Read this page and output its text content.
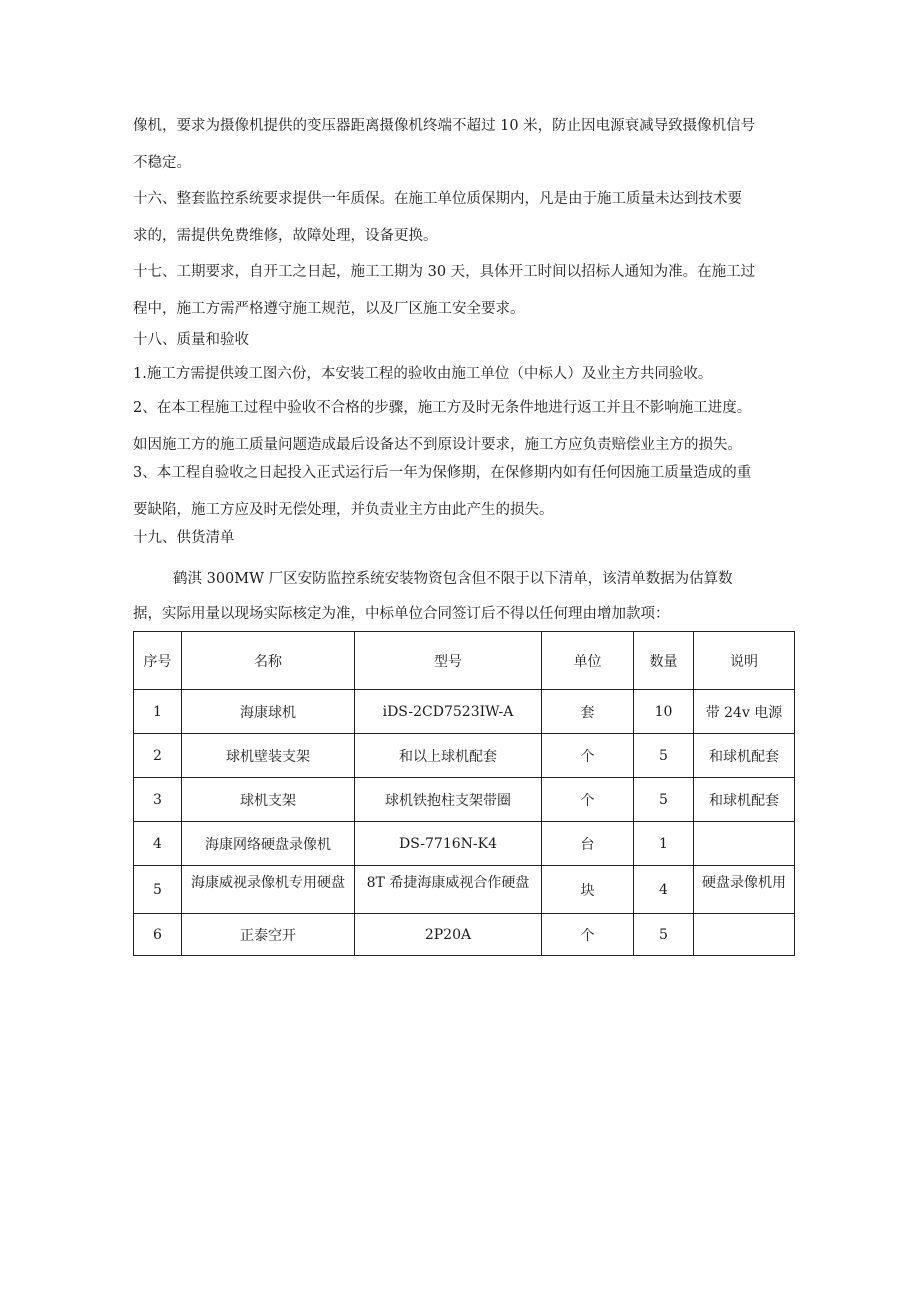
像机，要求为摄像机提供的变压器距离摄像机终端不超过 10 米，防止因电源衰减导致摄像机信号
不稳定。

十六、整套监控系统要求提供一年质保。在施工单位质保期内，凡是由于施工质量未达到技术要
求的，需提供免费维修，故障处理，设备更换。

十七、工期要求，自开工之日起，施工工期为 30 天，具体开工时间以招标人通知为准。在施工过
程中，施工方需严格遵守施工规范，以及厂区施工安全要求。

十八、质量和验收

1.施工方需提供竣工图六份，本安装工程的验收由施工单位（中标人）及业主方共同验收。

2、在本工程施工过程中验收不合格的步骤，施工方及时无条件地进行返工并且不影响施工进度。
如因施工方的施工质量问题造成最后设备达不到原设计要求，施工方应负责赔偿业主方的损失。

3、本工程自验收之日起投入正式运行后一年为保修期，在保修期内如有任何因施工质量造成的重
要缺陷，施工方应及时无偿处理，并负责业主方由此产生的损失。

十九、供货清单

鹤淇 300MW 厂区安防监控系统安装物资包含但不限于以下清单，该清单数据为估算数

据，实际用量以现场实际核定为准，中标单位合同签订后不得以任何理由增加款项：

序号	名称	型号	单位	数量	说明
1	海康球机	iDS-2CD7523IW-A	套	10	带 24v 电源
2	球机壁装支架	和以上球机配套	个	5	和球机配套
3	球机支架	球机铁抱柱支架带圈	个	5	和球机配套
4	海康网络硬盘录像机	DS-7716N-K4	台	1	
5	海康威视录像机专用硬盘	8T 希捷海康威视合作硬盘	块	4	硬盘录像机用
6	正泰空开	2P20A	个	5	
